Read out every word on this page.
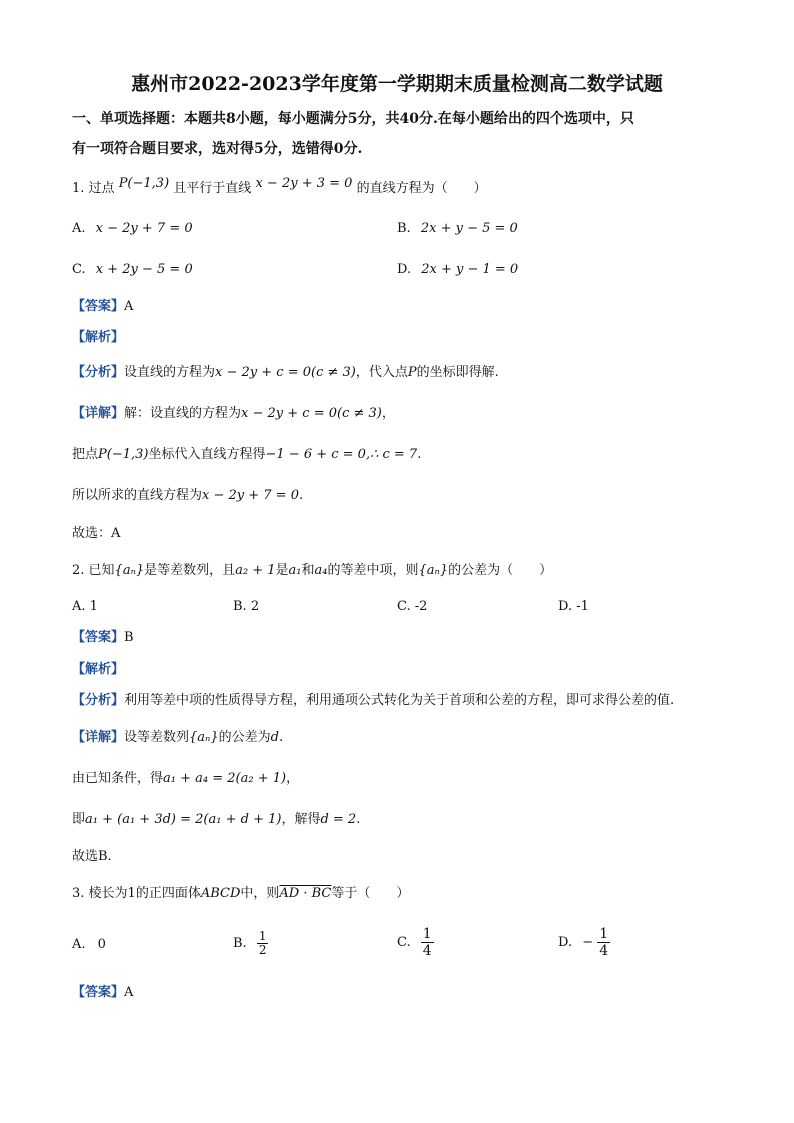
惠州市2022-2023学年度第一学期期末质量检测高二数学试题
一、单项选择题：本题共8小题，每小题满分5分，共40分.在每小题给出的四个选项中，只
有一项符合题目要求，选对得5分，选错得0分.
1. 过点 P(−1,3) 且平行于直线 x − 2y + 3 = 0 的直线方程为（　　）
A. x − 2y + 7 = 0	B. 2x + y − 5 = 0
C. x + 2y − 5 = 0	D. 2x + y − 1 = 0
【答案】A
【解析】
【分析】设直线的方程为x − 2y + c = 0(c ≠ 3)，代入点P的坐标即得解.
【详解】解：设直线的方程为x − 2y + c = 0(c ≠ 3)，
把点P(−1,3)坐标代入直线方程得−1 − 6 + c = 0,∴ c = 7.
所以所求的直线方程为x − 2y + 7 = 0.
故选：A
2. 已知{aₙ}是等差数列，且a₂ + 1是a₁和a₄的等差中项，则{aₙ}的公差为（　　）
A. 1	B. 2	C. -2	D. -1
【答案】B
【解析】
【分析】利用等差中项的性质得导方程，利用通项公式转化为关于首项和公差的方程，即可求得公差的值.
【详解】设等差数列{aₙ}的公差为d.
由已知条件，得a₁ + a₄ = 2(a₂ + 1)，
即a₁ + (a₁ + 3d) = 2(a₁ + d + 1)，解得d = 2.
故选B.
3. 棱长为1的正四面体ABCD中，则AD · BC等于（　　）
A. 0	B. $\frac{1}{2}$	C. $\frac{1}{4}$	D. − $\frac{1}{4}$
【答案】A
